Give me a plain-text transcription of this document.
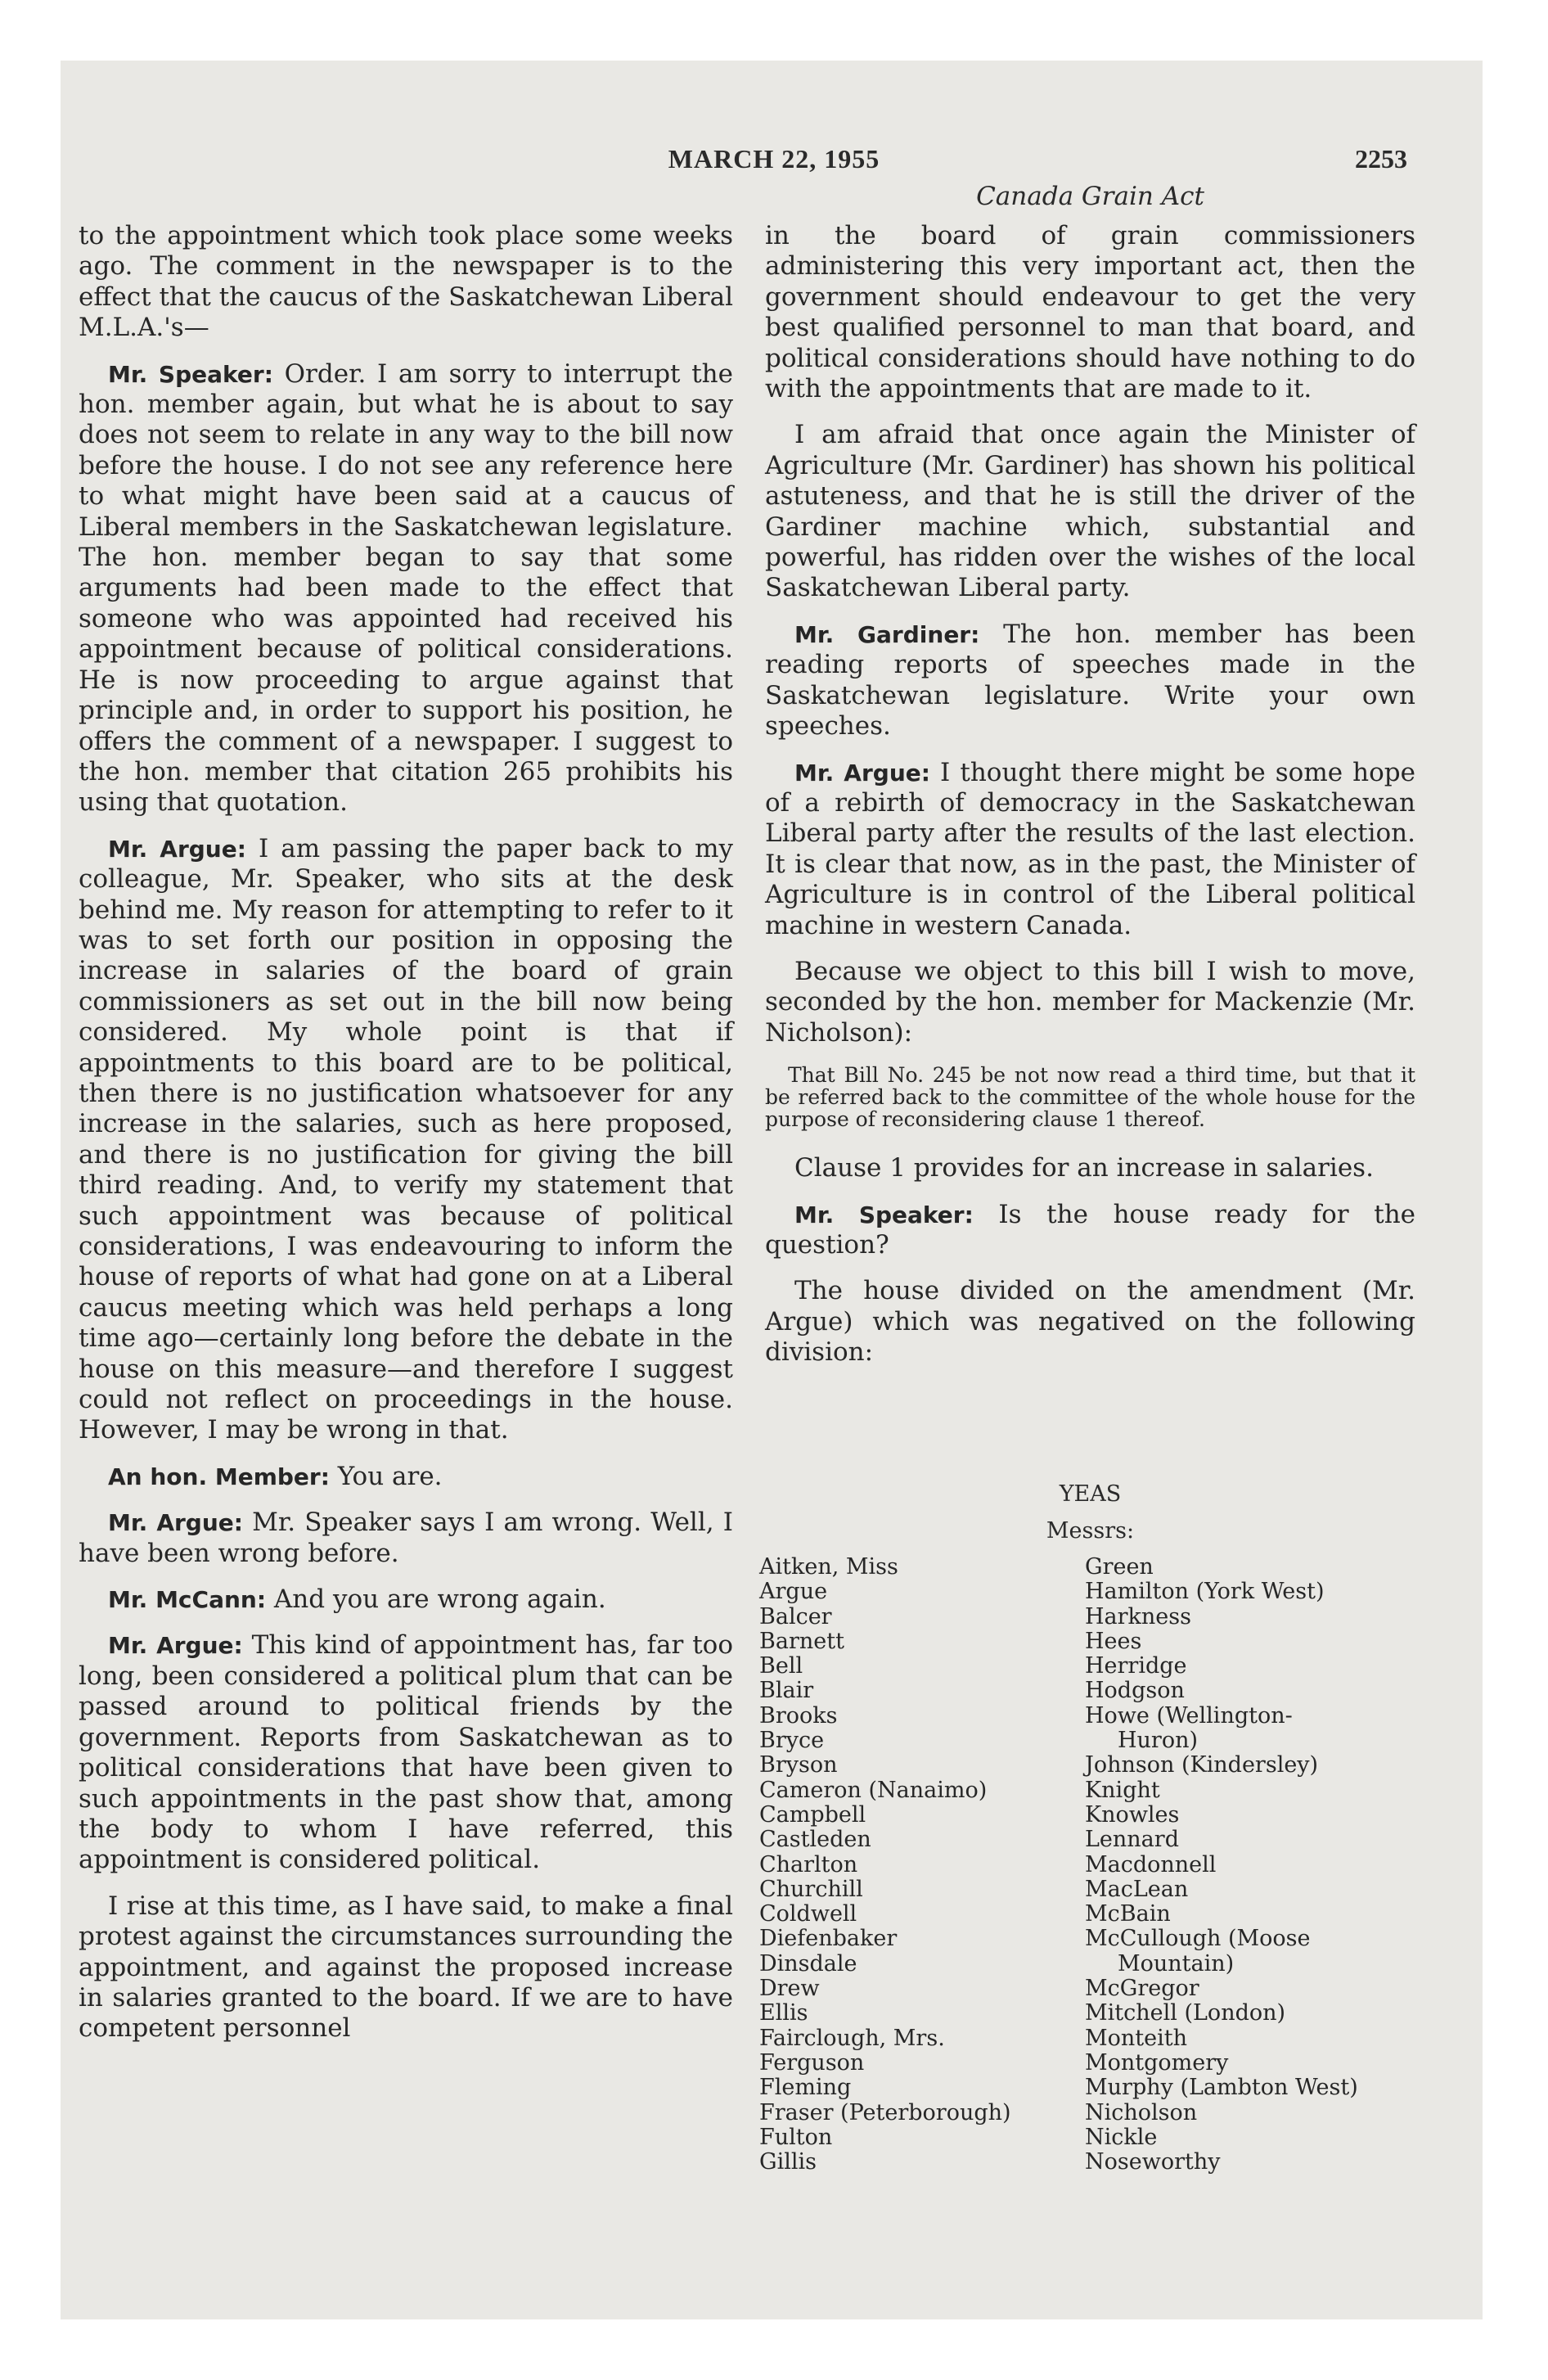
MARCH 22, 1955	2253
Canada Grain Act

to the appointment which took place some weeks ago. The comment in the newspaper is to the effect that the caucus of the Saskatchewan Liberal M.L.A.'s—

Mr. Speaker: Order. I am sorry to interrupt the hon. member again, but what he is about to say does not seem to relate in any way to the bill now before the house. I do not see any reference here to what might have been said at a caucus of Liberal members in the Saskatchewan legislature. The hon. member began to say that some arguments had been made to the effect that someone who was appointed had received his appointment because of political considerations. He is now proceeding to argue against that principle and, in order to support his position, he offers the comment of a newspaper. I suggest to the hon. member that citation 265 prohibits his using that quotation.

Mr. Argue: I am passing the paper back to my colleague, Mr. Speaker, who sits at the desk behind me. My reason for attempting to refer to it was to set forth our position in opposing the increase in salaries of the board of grain commissioners as set out in the bill now being considered. My whole point is that if appointments to this board are to be political, then there is no justification whatsoever for any increase in the salaries, such as here proposed, and there is no justification for giving the bill third reading. And, to verify my statement that such appointment was because of political considerations, I was endeavouring to inform the house of reports of what had gone on at a Liberal caucus meeting which was held perhaps a long time ago—certainly long before the debate in the house on this measure—and therefore I suggest could not reflect on proceedings in the house. However, I may be wrong in that.

An hon. Member: You are.

Mr. Argue: Mr. Speaker says I am wrong. Well, I have been wrong before.

Mr. McCann: And you are wrong again.

Mr. Argue: This kind of appointment has, far too long, been considered a political plum that can be passed around to political friends by the government. Reports from Saskatchewan as to political considerations that have been given to such appointments in the past show that, among the body to whom I have referred, this appointment is considered political.

I rise at this time, as I have said, to make a final protest against the circumstances surrounding the appointment, and against the proposed increase in salaries granted to the board. If we are to have competent personnel

in the board of grain commissioners administering this very important act, then the government should endeavour to get the very best qualified personnel to man that board, and political considerations should have nothing to do with the appointments that are made to it.

I am afraid that once again the Minister of Agriculture (Mr. Gardiner) has shown his political astuteness, and that he is still the driver of the Gardiner machine which, substantial and powerful, has ridden over the wishes of the local Saskatchewan Liberal party.

Mr. Gardiner: The hon. member has been reading reports of speeches made in the Saskatchewan legislature. Write your own speeches.

Mr. Argue: I thought there might be some hope of a rebirth of democracy in the Saskatchewan Liberal party after the results of the last election. It is clear that now, as in the past, the Minister of Agriculture is in control of the Liberal political machine in western Canada.

Because we object to this bill I wish to move, seconded by the hon. member for Mackenzie (Mr. Nicholson):

That Bill No. 245 be not now read a third time, but that it be referred back to the committee of the whole house for the purpose of reconsidering clause 1 thereof.

Clause 1 provides for an increase in salaries.

Mr. Speaker: Is the house ready for the question?

The house divided on the amendment (Mr. Argue) which was negatived on the following division:

YEAS
Messrs:
Aitken, Miss
Argue
Balcer
Barnett
Bell
Blair
Brooks
Bryce
Bryson
Cameron (Nanaimo)
Campbell
Castleden
Charlton
Churchill
Coldwell
Diefenbaker
Dinsdale
Drew
Ellis
Fairclough, Mrs.
Ferguson
Fleming
Fraser (Peterborough)
Fulton
Gillis
Green
Hamilton (York West)
Harkness
Hees
Herridge
Hodgson
Howe (Wellington-
Huron)
Johnson (Kindersley)
Knight
Knowles
Lennard
Macdonnell
MacLean
McBain
McCullough (Moose
Mountain)
McGregor
Mitchell (London)
Monteith
Montgomery
Murphy (Lambton West)
Nicholson
Nickle
Noseworthy
